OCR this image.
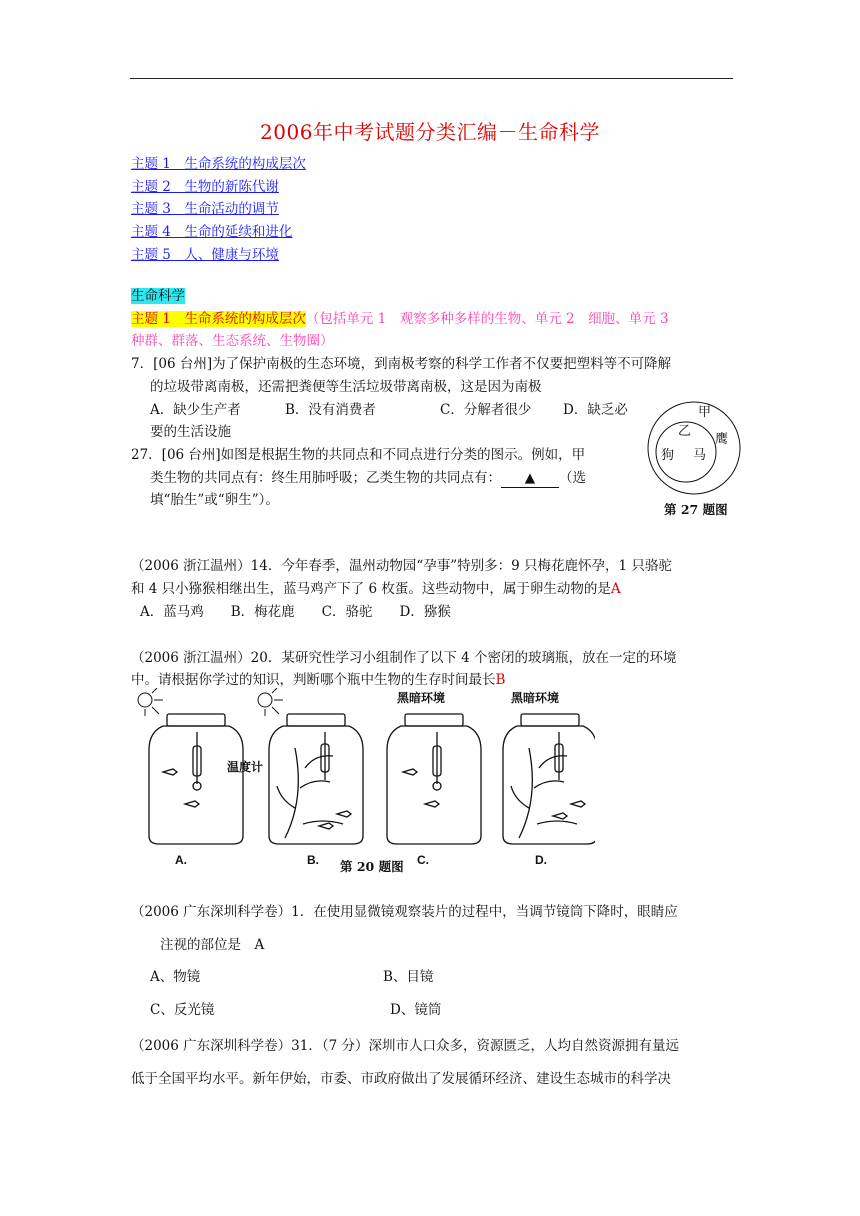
2006年中考试题分类汇编－生命科学
主题 1　生命系统的构成层次
主题 2　生物的新陈代谢
主题 3　生命活动的调节
主题 4　生命的延续和进化
主题 5　人、健康与环境
生命科学
主题 1　生命系统的构成层次（包括单元 1　观察多种多样的生物、单元 2　细胞、单元 3
种群、群落、生态系统、生物圈）
7．[06 台州]为了保护南极的生态环境，到南极考察的科学工作者不仅要把塑料等不可降解
的垃圾带离南极，还需把粪便等生活垃圾带离南极，这是因为南极
A．缺少生产者	B．没有消费者	C．分解者很少 D．缺乏必
要的生活设施
27．[06 台州]如图是根据生物的共同点和不同点进行分类的图示。例如，甲
类生物的共同点有：终生用肺呼吸；乙类生物的共同点有： ▲ （选
填“胎生”或“卵生”）。
甲
乙
鹰
狗 马
第 27 题图
（2006 浙江温州）14．今年春季，温州动物园“孕事”特别多：9 只梅花鹿怀孕，1 只骆驼
和 4 只小猕猴相继出生，蓝马鸡产下了 6 枚蛋。这些动物中，属于卵生动物的是A
A．蓝马鸡　　B．梅花鹿　　C．骆驼　　D．猕猴
（2006 浙江温州）20．某研究性学习小组制作了以下 4 个密闭的玻璃瓶，放在一定的环境
中。请根据你学过的知识，判断哪个瓶中生物的生存时间最长B
黑暗环境	黑暗环境
温度计
A.	B.	C.	D.
第 20 题图
（2006 广东深圳科学卷）1．在使用显微镜观察装片的过程中，当调节镜筒下降时，眼睛应
注视的部位是　A
A、物镜	B、目镜
C、反光镜	D、镜筒
（2006 广东深圳科学卷）31．（7 分）深圳市人口众多，资源匮乏，人均自然资源拥有量远
低于全国平均水平。新年伊始，市委、市政府做出了发展循环经济、建设生态城市的科学决
